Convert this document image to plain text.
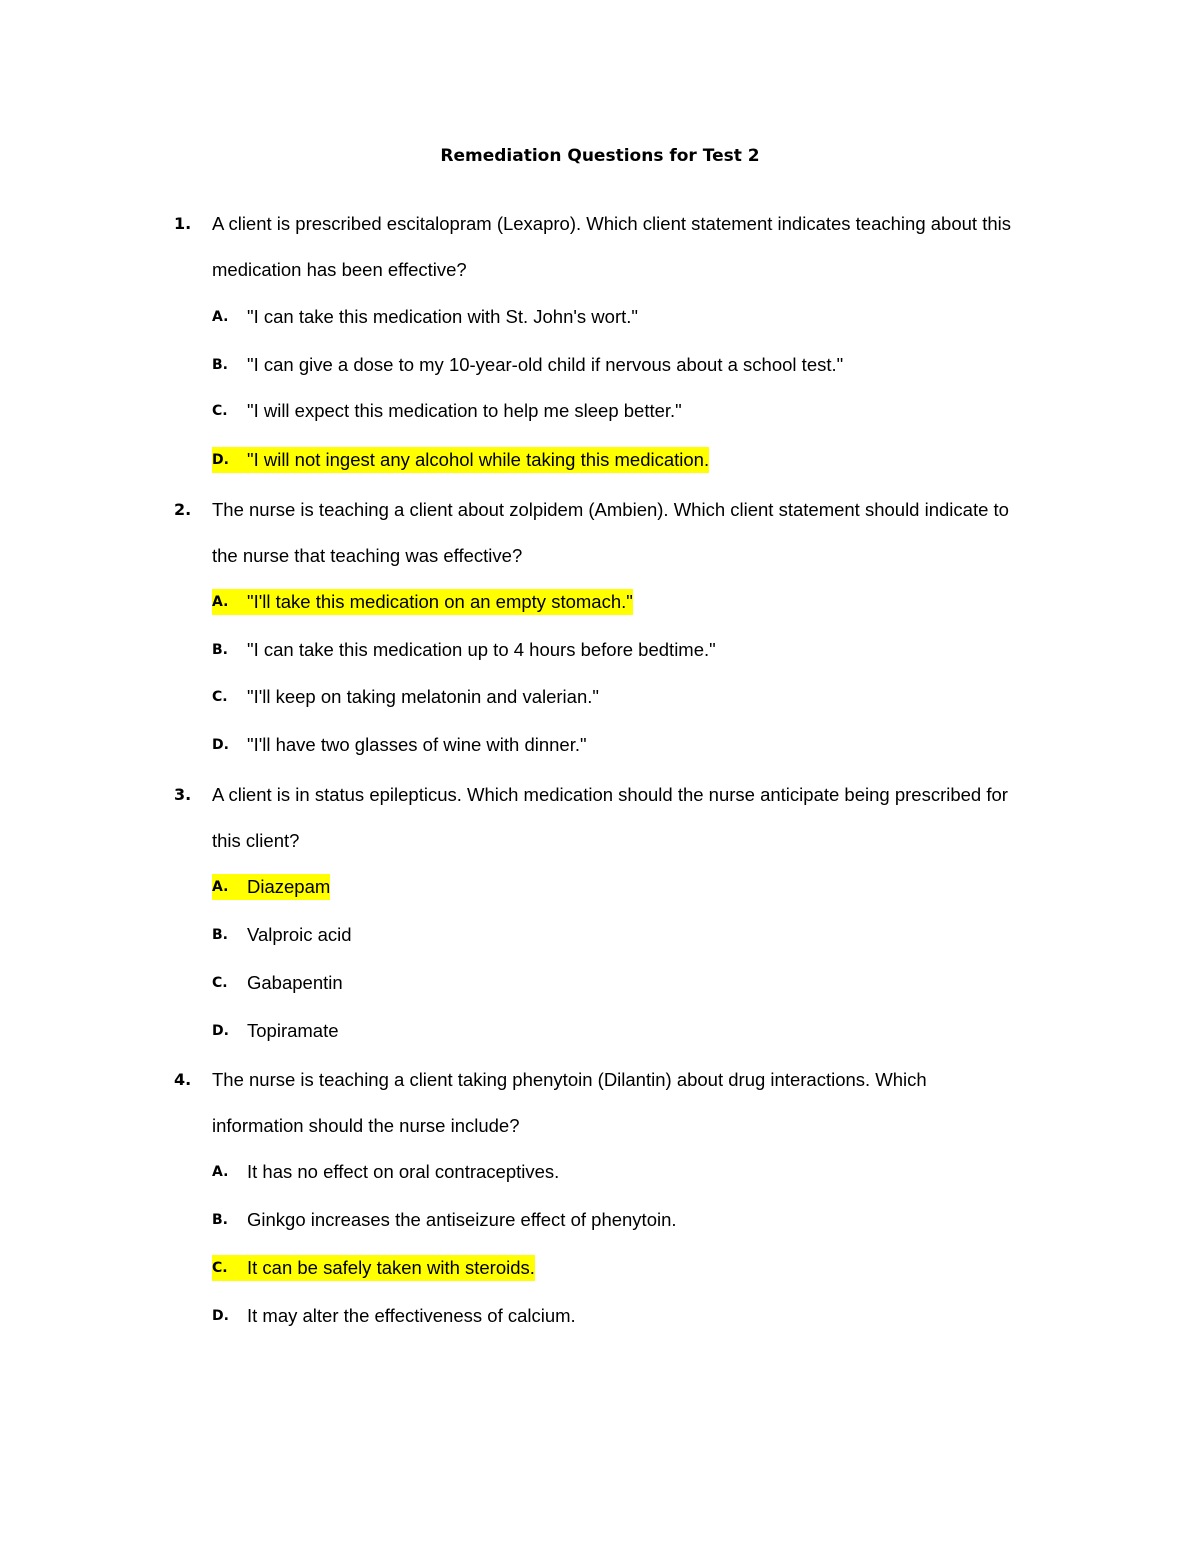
Remediation Questions for Test 2
1. A client is prescribed escitalopram (Lexapro). Which client statement indicates teaching about this
medication has been effective?
A. "I can take this medication with St. John's wort."
B. "I can give a dose to my 10-year-old child if nervous about a school test."
C. "I will expect this medication to help me sleep better."
D. "I will not ingest any alcohol while taking this medication.
2. The nurse is teaching a client about zolpidem (Ambien). Which client statement should indicate to
the nurse that teaching was effective?
A. "I'll take this medication on an empty stomach."
B. "I can take this medication up to 4 hours before bedtime."
C. "I'll keep on taking melatonin and valerian."
D. "I'll have two glasses of wine with dinner."
3. A client is in status epilepticus. Which medication should the nurse anticipate being prescribed for
this client?
A. Diazepam
B. Valproic acid
C. Gabapentin
D. Topiramate
4. The nurse is teaching a client taking phenytoin (Dilantin) about drug interactions. Which
information should the nurse include?
A. It has no effect on oral contraceptives.
B. Ginkgo increases the antiseizure effect of phenytoin.
C. It can be safely taken with steroids.
D. It may alter the effectiveness of calcium.
